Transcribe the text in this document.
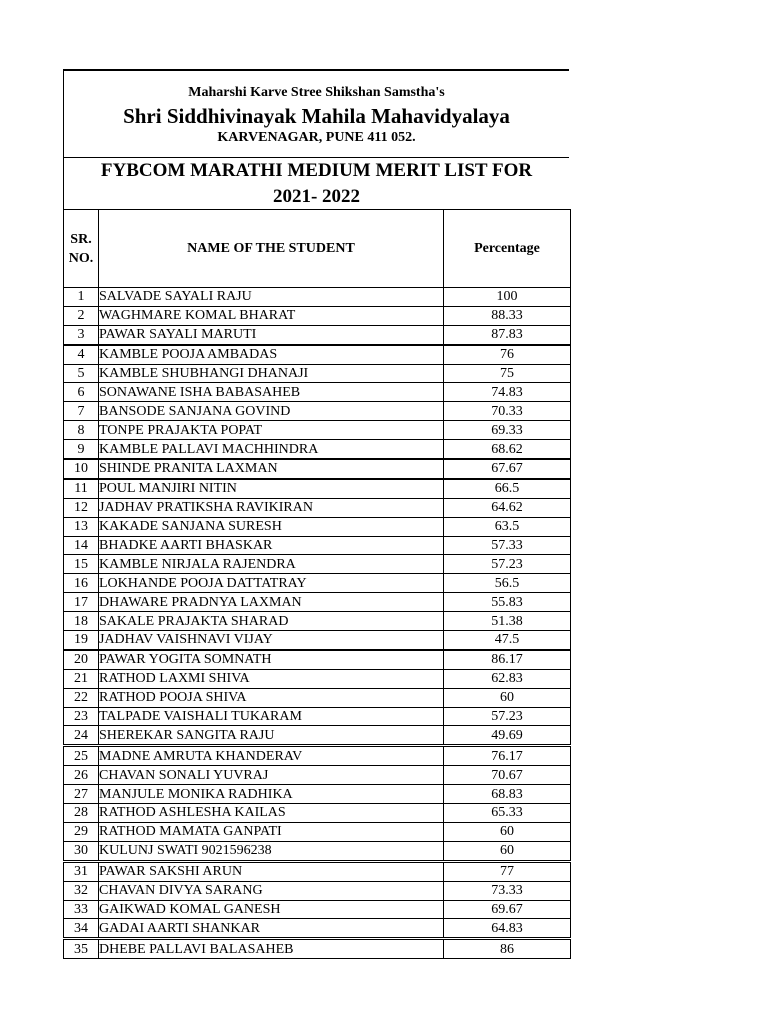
Maharshi Karve Stree Shikshan Samstha's
Shri Siddhivinayak Mahila Mahavidyalaya
KARVENAGAR, PUNE 411 052.
FYBCOM MARATHI MEDIUM MERIT LIST FOR
2021- 2022
SR.
NO.	NAME OF THE STUDENT	Percentage
1	SALVADE SAYALI RAJU	100
2	WAGHMARE KOMAL BHARAT	88.33
3	PAWAR SAYALI MARUTI	87.83
4	KAMBLE POOJA AMBADAS	76
5	KAMBLE SHUBHANGI DHANAJI	75
6	SONAWANE ISHA BABASAHEB	74.83
7	BANSODE SANJANA GOVIND	70.33
8	TONPE PRAJAKTA POPAT	69.33
9	KAMBLE PALLAVI MACHHINDRA	68.62
10	SHINDE PRANITA LAXMAN	67.67
11	POUL MANJIRI NITIN	66.5
12	JADHAV PRATIKSHA RAVIKIRAN	64.62
13	KAKADE SANJANA SURESH	63.5
14	BHADKE AARTI BHASKAR	57.33
15	KAMBLE NIRJALA RAJENDRA	57.23
16	LOKHANDE POOJA DATTATRAY	56.5
17	DHAWARE PRADNYA LAXMAN	55.83
18	SAKALE PRAJAKTA SHARAD	51.38
19	JADHAV VAISHNAVI VIJAY	47.5
20	PAWAR YOGITA SOMNATH	86.17
21	RATHOD LAXMI SHIVA	62.83
22	RATHOD POOJA SHIVA	60
23	TALPADE VAISHALI TUKARAM	57.23
24	SHEREKAR SANGITA RAJU	49.69
25	MADNE AMRUTA KHANDERAV	76.17
26	CHAVAN SONALI YUVRAJ	70.67
27	MANJULE MONIKA RADHIKA	68.83
28	RATHOD ASHLESHA KAILAS	65.33
29	RATHOD MAMATA GANPATI	60
30	KULUNJ SWATI 9021596238	60
31	PAWAR SAKSHI ARUN	77
32	CHAVAN DIVYA SARANG	73.33
33	GAIKWAD KOMAL GANESH	69.67
34	GADAI AARTI SHANKAR	64.83
35	DHEBE PALLAVI BALASAHEB	86
